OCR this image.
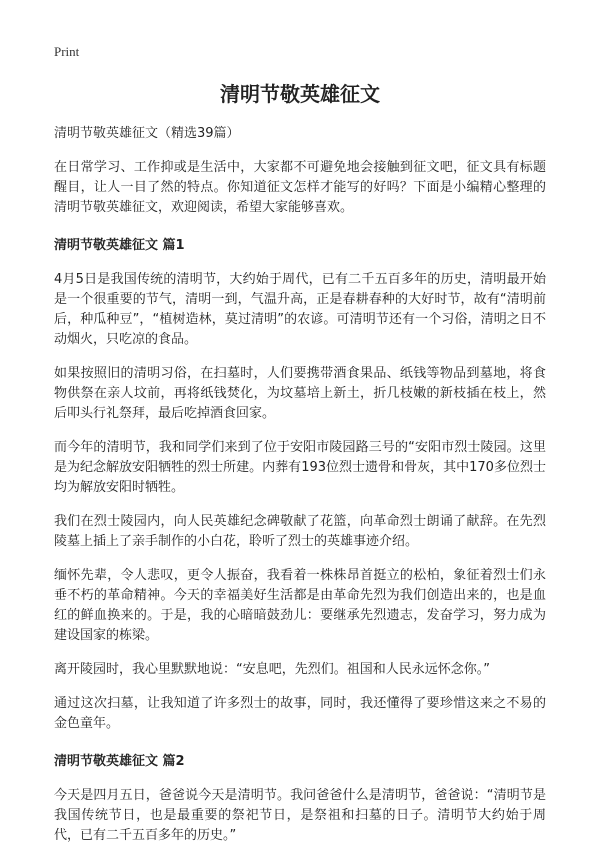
Print
清明节敬英雄征文
清明节敬英雄征文（精选39篇）

在日常学习、工作抑或是生活中，大家都不可避免地会接触到征文吧，征文具有标题醒目，让人一目了然的特点。你知道征文怎样才能写的好吗？下面是小编精心整理的清明节敬英雄征文，欢迎阅读，希望大家能够喜欢。

清明节敬英雄征文 篇1

4月5日是我国传统的清明节，大约始于周代，已有二千五百多年的历史，清明最开始是一个很重要的节气，清明一到，气温升高，正是春耕春种的大好时节，故有“清明前后，种瓜种豆”，“植树造林，莫过清明”的农谚。可清明节还有一个习俗，清明之日不动烟火，只吃凉的食品。

如果按照旧的清明习俗，在扫墓时，人们要携带酒食果品、纸钱等物品到墓地，将食物供祭在亲人坟前，再将纸钱焚化，为坟墓培上新土，折几枝嫩的新枝插在枝上，然后叩头行礼祭拜，最后吃掉酒食回家。

而今年的清明节，我和同学们来到了位于安阳市陵园路三号的“安阳市烈士陵园。这里是为纪念解放安阳牺牲的烈士所建。内葬有193位烈士遗骨和骨灰，其中170多位烈士均为解放安阳时牺牲。

我们在烈士陵园内，向人民英雄纪念碑敬献了花篮，向革命烈士朗诵了献辞。在先烈陵墓上插上了亲手制作的小白花，聆听了烈士的英雄事迹介绍。

缅怀先辈，令人悲叹，更令人振奋，我看着一株株昂首挺立的松柏，象征着烈士们永垂不朽的革命精神。今天的幸福美好生活都是由革命先烈为我们创造出来的，也是血红的鲜血换来的。于是，我的心暗暗鼓劲儿：要继承先烈遗志，发奋学习，努力成为建设国家的栋梁。

离开陵园时，我心里默默地说：“安息吧，先烈们。祖国和人民永远怀念你。”

通过这次扫墓，让我知道了许多烈士的故事，同时，我还懂得了要珍惜这来之不易的金色童年。

清明节敬英雄征文 篇2

今天是四月五日，爸爸说今天是清明节。我问爸爸什么是清明节，爸爸说：“清明节是我国传统节日，也是最重要的祭祀节日，是祭祖和扫墓的日子。清明节大约始于周代，已有二千五百多年的历史。”
